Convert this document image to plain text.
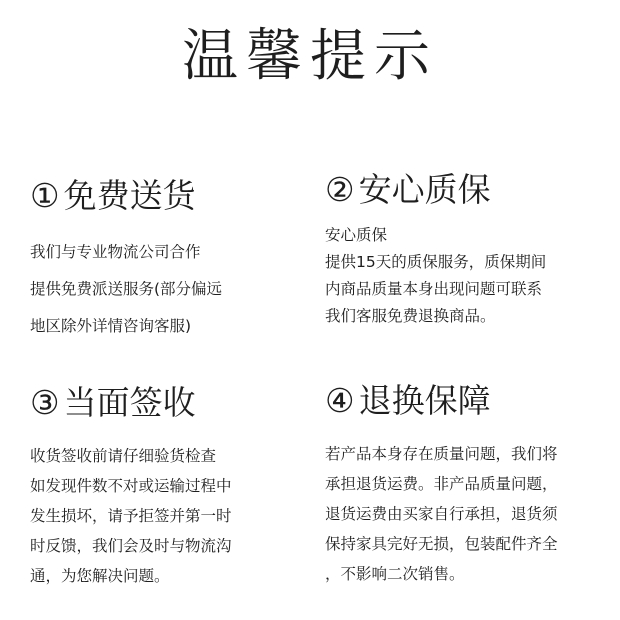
温馨提示
① 免费送货
我们与专业物流公司合作
提供免费派送服务(部分偏远
地区除外详情咨询客服)
② 安心质保
安心质保
提供15天的质保服务，质保期间
内商品质量本身出现问题可联系
我们客服免费退换商品。
③ 当面签收
收货签收前请仔细验货检查
如发现件数不对或运输过程中
发生损坏，请予拒签并第一时
时反馈，我们会及时与物流沟
通，为您解决问题。
④ 退换保障
若产品本身存在质量问题，我们将
承担退货运费。非产品质量问题，
退货运费由买家自行承担，退货须
保持家具完好无损，包装配件齐全
，不影响二次销售。
